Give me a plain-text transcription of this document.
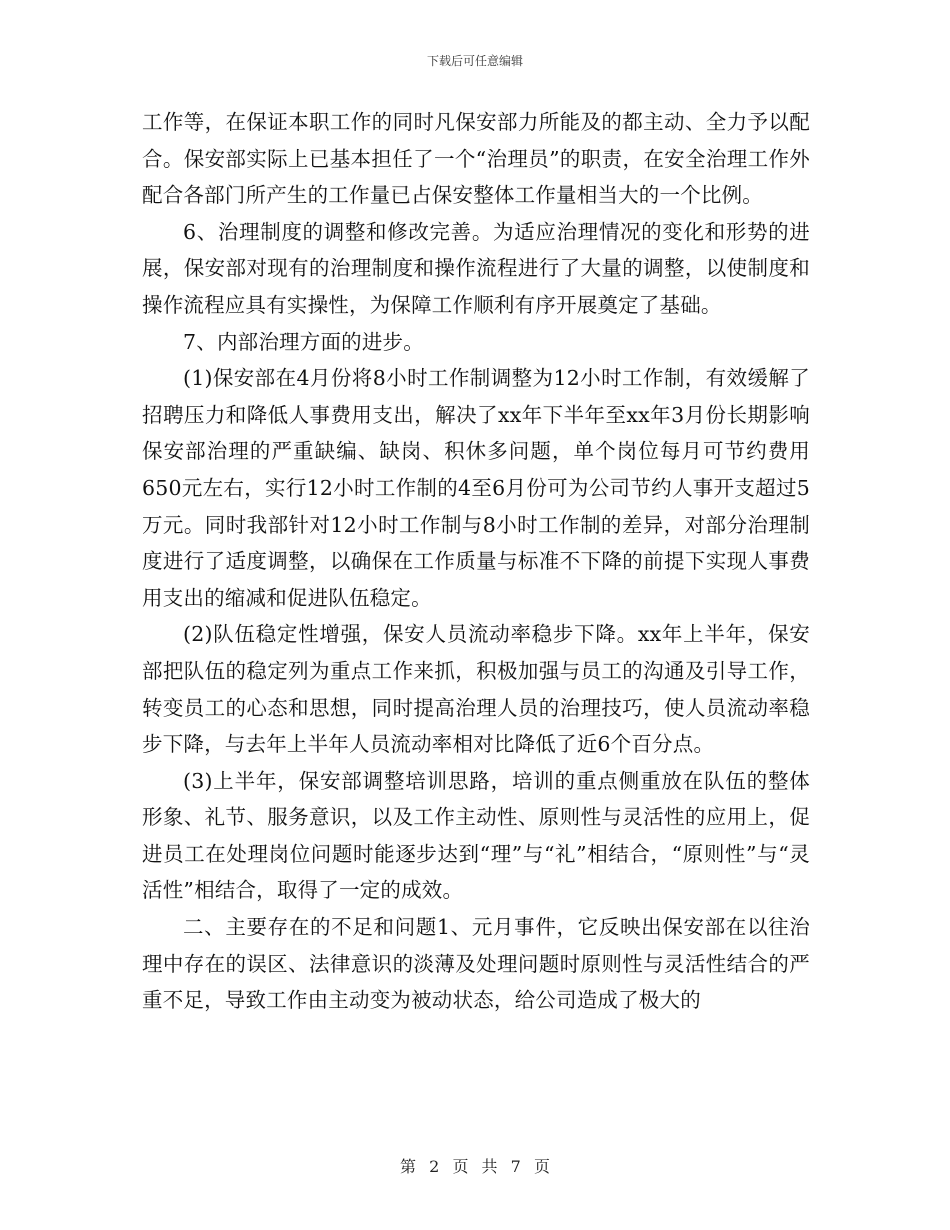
下载后可任意编辑

工作等，在保证本职工作的同时凡保安部力所能及的都主动、全力予以配合。保安部实际上已基本担任了一个“治理员”的职责，在安全治理工作外配合各部门所产生的工作量已占保安整体工作量相当大的一个比例。

6、治理制度的调整和修改完善。为适应治理情况的变化和形势的进展，保安部对现有的治理制度和操作流程进行了大量的调整，以使制度和操作流程应具有实操性，为保障工作顺利有序开展奠定了基础。

7、内部治理方面的进步。

(1)保安部在4月份将8小时工作制调整为12小时工作制，有效缓解了招聘压力和降低人事费用支出，解决了xx年下半年至xx年3月份长期影响保安部治理的严重缺编、缺岗、积休多问题，单个岗位每月可节约费用650元左右，实行12小时工作制的4至6月份可为公司节约人事开支超过5万元。同时我部针对12小时工作制与8小时工作制的差异，对部分治理制度进行了适度调整，以确保在工作质量与标准不下降的前提下实现人事费用支出的缩减和促进队伍稳定。

(2)队伍稳定性增强，保安人员流动率稳步下降。xx年上半年，保安部把队伍的稳定列为重点工作来抓，积极加强与员工的沟通及引导工作，转变员工的心态和思想，同时提高治理人员的治理技巧，使人员流动率稳步下降，与去年上半年人员流动率相对比降低了近6个百分点。

(3)上半年，保安部调整培训思路，培训的重点侧重放在队伍的整体形象、礼节、服务意识，以及工作主动性、原则性与灵活性的应用上，促进员工在处理岗位问题时能逐步达到“理”与“礼”相结合，“原则性”与“灵活性”相结合，取得了一定的成效。

二、主要存在的不足和问题1、元月事件，它反映出保安部在以往治理中存在的误区、法律意识的淡薄及处理问题时原则性与灵活性结合的严重不足，导致工作由主动变为被动状态，给公司造成了极大的

第 2 页 共 7 页
